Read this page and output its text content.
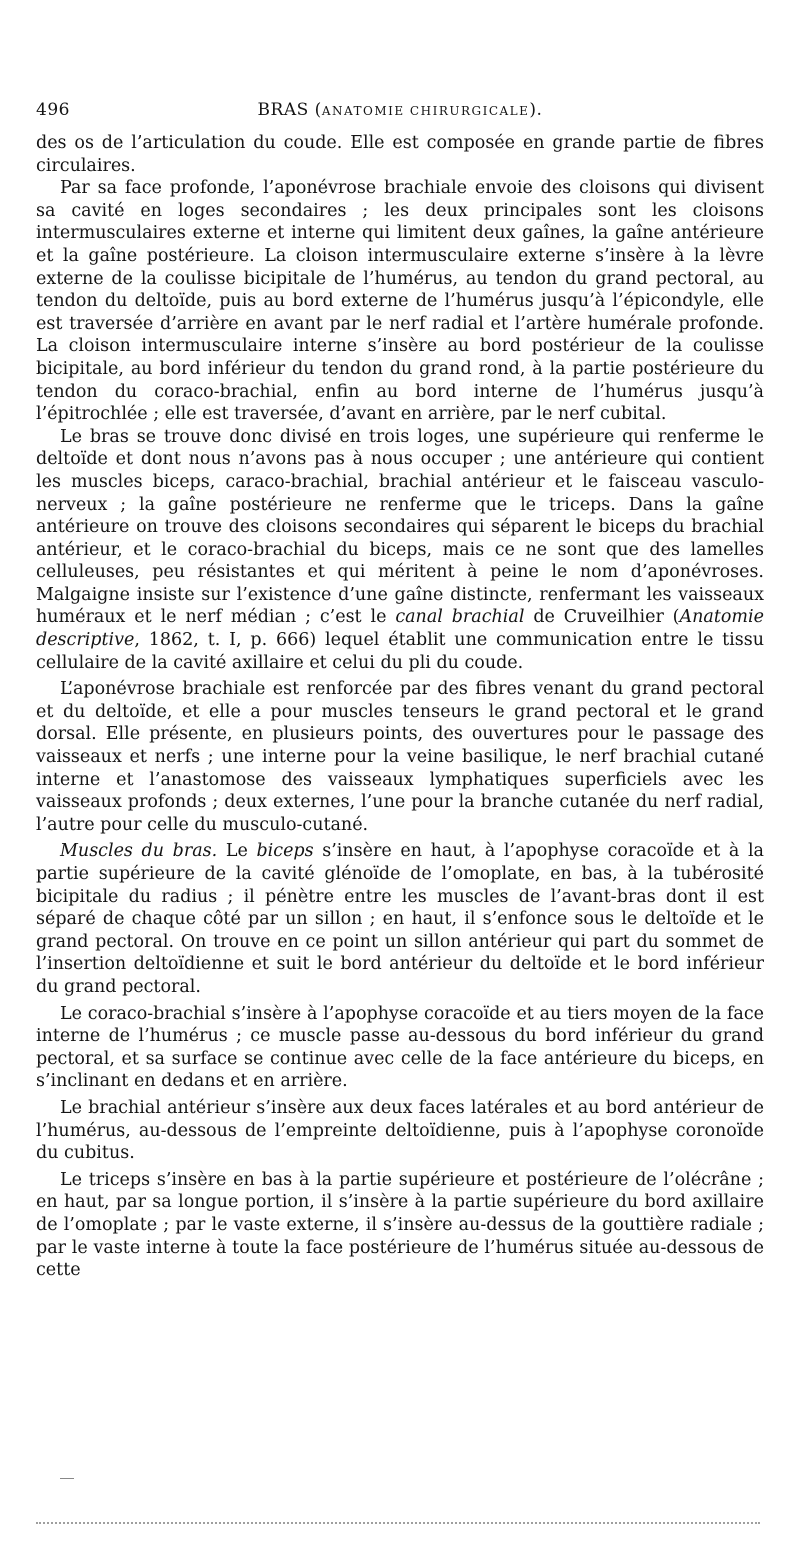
496	BRAS (ANATOMIE CHIRURGICALE).

des os de l’articulation du coude. Elle est composée en grande partie de fibres circulaires.

Par sa face profonde, l’aponévrose brachiale envoie des cloisons qui divisent sa cavité en loges secondaires ; les deux principales sont les cloisons intermusculaires externe et interne qui limitent deux gaînes, la gaîne antérieure et la gaîne postérieure. La cloison intermusculaire externe s’insère à la lèvre externe de la coulisse bicipitale de l’humérus, au tendon du grand pectoral, au tendon du deltoïde, puis au bord externe de l’humérus jusqu’à l’épicondyle, elle est traversée d’arrière en avant par le nerf radial et l’artère humérale profonde. La cloison intermusculaire interne s’insère au bord postérieur de la coulisse bicipitale, au bord inférieur du tendon du grand rond, à la partie postérieure du tendon du coraco-brachial, enfin au bord interne de l’humérus jusqu’à l’épitrochlée ; elle est traversée, d’avant en arrière, par le nerf cubital.

Le bras se trouve donc divisé en trois loges, une supérieure qui renferme le deltoïde et dont nous n’avons pas à nous occuper ; une antérieure qui contient les muscles biceps, caraco-brachial, brachial antérieur et le faisceau vasculo-nerveux ; la gaîne postérieure ne renferme que le triceps. Dans la gaîne antérieure on trouve des cloisons secondaires qui séparent le biceps du brachial antérieur, et le coraco-brachial du biceps, mais ce ne sont que des lamelles celluleuses, peu résistantes et qui méritent à peine le nom d’aponévroses. Malgaigne insiste sur l’existence d’une gaîne distincte, renfermant les vaisseaux huméraux et le nerf médian ; c’est le canal brachial de Cruveilhier (Anatomie descriptive, 1862, t. I, p. 666) lequel établit une communication entre le tissu cellulaire de la cavité axillaire et celui du pli du coude.

L’aponévrose brachiale est renforcée par des fibres venant du grand pectoral et du deltoïde, et elle a pour muscles tenseurs le grand pectoral et le grand dorsal. Elle présente, en plusieurs points, des ouvertures pour le passage des vaisseaux et nerfs ; une interne pour la veine basilique, le nerf brachial cutané interne et l’anastomose des vaisseaux lymphatiques superficiels avec les vaisseaux profonds ; deux externes, l’une pour la branche cutanée du nerf radial, l’autre pour celle du musculo-cutané.

Muscles du bras. Le biceps s’insère en haut, à l’apophyse coracoïde et à la partie supérieure de la cavité glénoïde de l’omoplate, en bas, à la tubérosité bicipitale du radius ; il pénètre entre les muscles de l’avant-bras dont il est séparé de chaque côté par un sillon ; en haut, il s’enfonce sous le deltoïde et le grand pectoral. On trouve en ce point un sillon antérieur qui part du sommet de l’insertion deltoïdienne et suit le bord antérieur du deltoïde et le bord inférieur du grand pectoral.

Le coraco-brachial s’insère à l’apophyse coracoïde et au tiers moyen de la face interne de l’humérus ; ce muscle passe au-dessous du bord inférieur du grand pectoral, et sa surface se continue avec celle de la face antérieure du biceps, en s’inclinant en dedans et en arrière.

Le brachial antérieur s’insère aux deux faces latérales et au bord antérieur de l’humérus, au-dessous de l’empreinte deltoïdienne, puis à l’apophyse coronoïde du cubitus.

Le triceps s’insère en bas à la partie supérieure et postérieure de l’olécrâne ; en haut, par sa longue portion, il s’insère à la partie supérieure du bord axillaire de l’omoplate ; par le vaste externe, il s’insère au-dessus de la gouttière radiale ; par le vaste interne à toute la face postérieure de l’humérus située au-dessous de cette
